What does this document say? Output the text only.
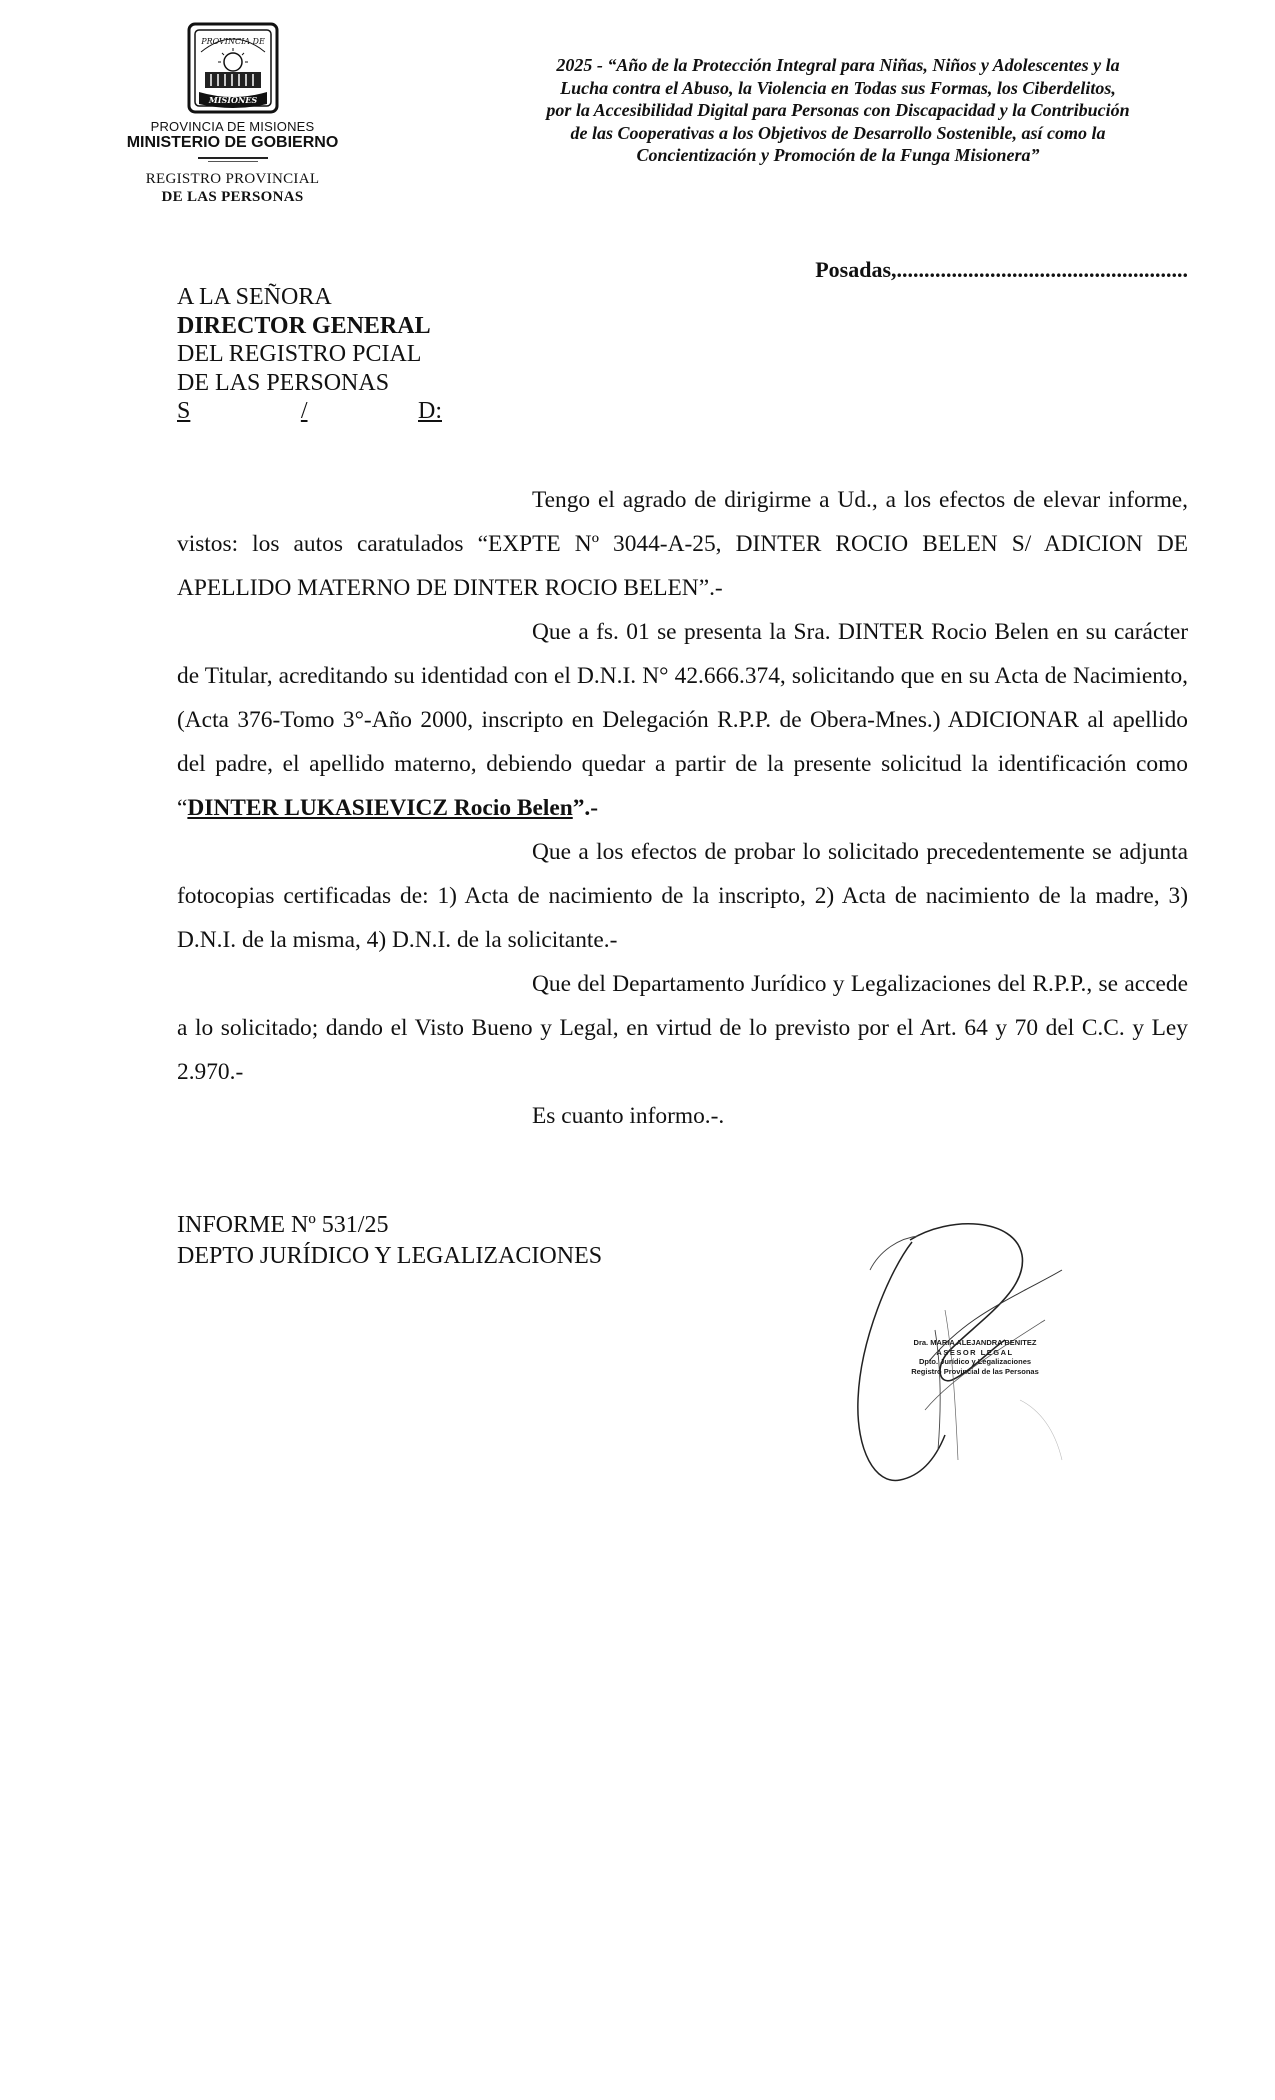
PROVINCIA DE
MISIONES
PROVINCIA DE MISIONES
MINISTERIO DE GOBIERNO
REGISTRO PROVINCIAL
DE LAS PERSONAS
2025 - “Año de la Protección Integral para Niñas, Niños y Adolescentes y la
Lucha contra el Abuso, la Violencia en Todas sus Formas, los Ciberdelitos,
por la Accesibilidad Digital para Personas con Discapacidad y la Contribución
de las Cooperativas a los Objetivos de Desarrollo Sostenible, así como la
Concientización y Promoción de la Funga Misionera”
Posadas,.....................................................
A LA SEÑORA
DIRECTOR GENERAL
DEL REGISTRO PCIAL
DE LAS PERSONAS
S	/	D:

Tengo el agrado de dirigirme a Ud., a los efectos de elevar informe, vistos: los autos caratulados “EXPTE Nº 3044-A-25, DINTER ROCIO BELEN S/ ADICION DE APELLIDO MATERNO DE DINTER ROCIO BELEN”.-

Que a fs. 01 se presenta la Sra. DINTER Rocio Belen en su carácter de Titular, acreditando su identidad con el D.N.I. N° 42.666.374, solicitando que en su Acta de Nacimiento, (Acta 376-Tomo 3°-Año 2000, inscripto en Delegación R.P.P. de Obera-Mnes.) ADICIONAR al apellido del padre, el apellido materno, debiendo quedar a partir de la presente solicitud la identificación como “DINTER LUKASIEVICZ Rocio Belen”.-

Que a los efectos de probar lo solicitado precedentemente se adjunta fotocopias certificadas de: 1) Acta de nacimiento de la inscripto, 2) Acta de nacimiento de la madre, 3) D.N.I. de la misma, 4) D.N.I. de la solicitante.-

Que del Departamento Jurídico y Legalizaciones del R.P.P., se accede a lo solicitado; dando el Visto Bueno y Legal, en virtud de lo previsto por el Art. 64 y 70 del C.C. y Ley 2.970.-

Es cuanto informo.-.

INFORME Nº 531/25
DEPTO JURÍDICO Y LEGALIZACIONES
Dra. MARIA ALEJANDRA BENITEZ
ASESOR LEGAL
Dpto. Jurídico y Legalizaciones
Registro Provincial de las Personas
